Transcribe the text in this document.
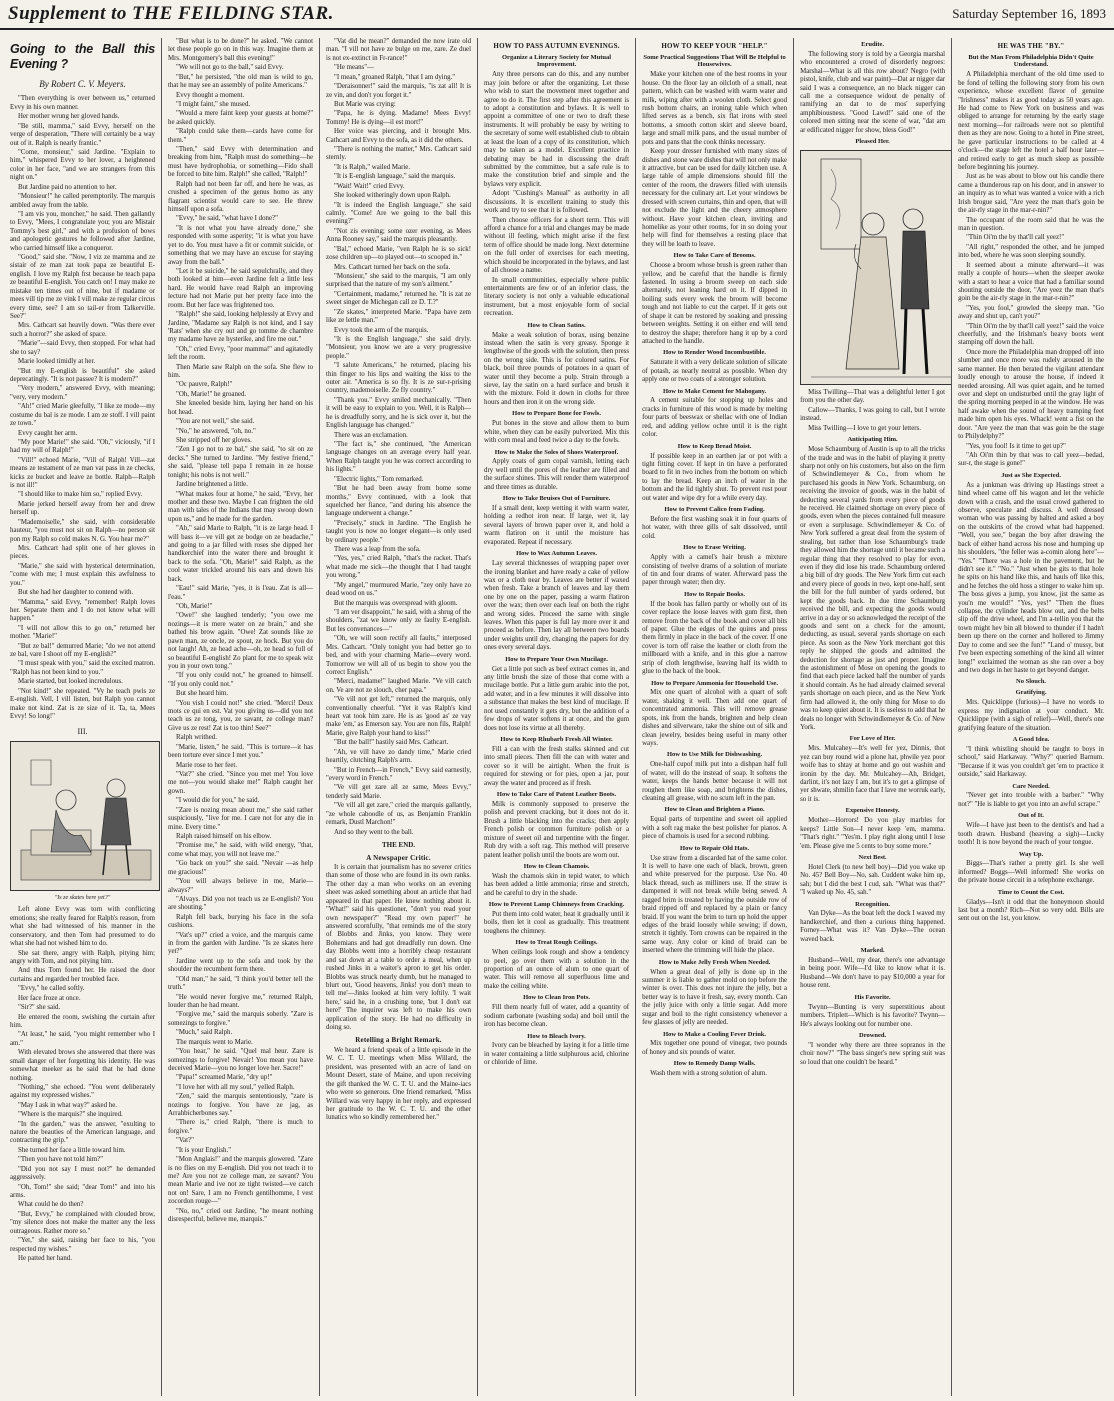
Supplement to THE FEILDING STAR.	Saturday September 16, 1893
Going to the Ball this Evening ?
By Robert C. V. Meyers.

"Then everything is over between us," returned Evvy in his own manner.

Her mother wrung her gloved hands.

"Be still, mamma," said Evvy, herself on the verge of desperation, "There will certainly be a way out of it. Ralph is nearly frantic."

"Come, monsieur," said Jardine. "Explain to him," whispered Evvy to her lover, a heightened color in her face, "and we are strangers from this night on."

But Jardine paid no attention to her.

"Monsieur!" he called peremptorily. The marquis ambled away from the table.

"I am vis you, moncher," he said. Then gallantly to Evvy, "Mees, I congratulate you; you are Mistair Tommy's best girl," and with a profusion of bows and apologetic gestures he followed after Jardine, who carried himself like a conqueror.

"Good," said she. "Now, I viz ze mamma and ze sistair of ze man zat took papa ze beautiful E-english. I love my Ralph frst because he teach papa ze beautiful E-english. You catch on! I may make ze mistake ten times out of nine, but if madame or mees vill tip me ze vink I vill make ze regular circus every time, see? I am so tail-er from Talkerville. See?"

Mrs. Cathcart sat heavily down. "Was there ever such a horror?" she asked of space.

"Marie"—said Evvy, then stopped. For what had she to say?

Marie looked timidly at her.

"But my E-english is beautiful" she asked deprecatingly. "It is not passee? It is modern?"

"Very modern," answered Evvy, with meaning; "very, very modern."

"Ah!" cried Marie gleefully, "I like ze mode—my costume du bal is ze mode. I am ze stoff. I vill paint ze town."

Evvy caught her arm.

"My poor Marie!" she said. "Oh," viciously, "if I had my will of Ralph!"

"Vill!" echoed Marie, "Vill of Ralph! Vill—zat means ze testament of ze man vat pass in ze checks, kicks ze bucket and leave ze bottle. Ralph—Ralph is not ill!"

"I should like to make him so," replied Evvy.

Marie jerked herself away from her and drew herself up.

"Mademoiselle," she said, with considerable hauteur, "you must not sit on Ralph—no person sit pon my Ralph so cold makes N. G. You hear me?"

Mrs. Cathcart had split one of her gloves in pieces.

"Marie," she said with hysterical determination, "come with me; I must explain this awfulness to you."

But she had her daughter to contend with.

"Mamma," said Evvy, "remember! Ralph loves her. Separate them and I do not know what will happen."

"I will not allow this to go on," returned her mother. "Marie!"

"But ze bal!" demurred Marie; "do we not attend ze bal, vare I shoot off my E-english?"

"I must speak with you," said the excited matron. "Ralph has not been kind to you."

Marie started, but looked incredulous.

"Not kind!" she repeated. "Vy he teach pwis ze E-english. Vell, I vill listen, but Ralph you cannot make not kind. Zat is ze size of it. Ta, ta, Mees Evvy! So long!"

III.
"Is ze skates here yet?"

Left alone Evvy was torn with conflicting emotions; she really feared for Ralph's reason, from what she had witnessed of his manner in the conservatory, and then Tom had presumed to do what she had not wished him to do.

She sat there, angry with Ralph, pitying him; angry with Tom, and not pitying him.

And thus Tom found her. He raised the door curtains and regarded her troubled face.

"Evvy," he called softly.

Her face froze at once.

"Sir?" she said.

He entered the room, swishing the curtain after him.

"At least," he said, "you might remember who I am."

With elevated brows she answered that there was small danger of her forgetting his identity. He was somewhat meeker as he said that he had done nothing.

"Nothing," she echoed. "You went deliberately against my expressed wishes."

"May I ask in what way?" asked he.

"Where is the marquis?" she inquired.

"In the garden," was the answer, "exulting to nature the beauties of the American language, and contracting the grip."

She turned her face a little toward him.

"Then you have not told him?"

"Did you not say I must not?" he demanded aggressively.

"Oh, Tom!" she said; "dear Tom!" and into his arms.

What could he do then?

"But, Evvy," he complained with clouded brow, "my silence does not make the matter any the less outrageous. Rather more so."

"Yet," she said, raising her face to his, "you respected my wishes."

He patted her hand.

"But what is to be done?" he asked. "We cannot let these people go on in this way. Imagine them at Mrs. Montgomery's ball this evening!"

"We will not go to the ball," said Evvy.

"But," he persisted, "the old man is wild to go, that he may see an assembly of polite Americans."

Evvy thought a moment.

"I might faint," she mused.

"Would a mere faint keep your guests at home?" he asked quickly.

"Ralph could take them—cards have come for them."

"Then," said Evvy with determination and breaking from him, "Ralph must do something—he must have hydrophobia, or something—Fido shall be forced to bite him. Ralph!" she called, "Ralph!"

Ralph had not been far off, and here he was, as crushed a specimen of the genus homo as any flagrant scientist would care to see. He threw himself upon a sofa.

"Evvy," he said, "what have I done?"

"It is not what you have already done," she responded with some asperity; "it is what you have yet to do. You must have a fit or commit suicide, or something that we may have an excuse for staying away from the ball."

"Let it be suicide," he said sepulchrally, and they both looked at him—even Jardine felt a little less hard. He would have read Ralph an improving lecture had not Marie put her pretty face into the room. But her face was frightened too.

"Ralph!" she said, looking helplessly at Evvy and Jardine, "Madame say Ralph is not kind, and I say 'Rats' when she cry out and go tomme de chambre my madame have ze hysterike, and fire me out."

"Oh," cried Evvy, "poor mamma!" and agitatedly left the room.

Then Marie saw Ralph on the sofa. She flew to him.

"Oc pauvre, Ralph!"

"Oh, Marie!" he groaned.

She kneeled beside him, laying her hand on his hot head.

"You are not well," she said.

"No," he answered, "oh, no."

She stripped off her gloves.

"Zen I go not to ze bal," she said, "to sit on ze decks." She turned to Jardine. "My festive friend," she said, "please tell papa I remain in ze house tonight; his nobs is not well."

Jardine brightened a little.

"What makes four at home," he said, "Evvy, her mother and these two. Maybe I can frighten the old man with tales of the Indians that may swoop down upon us," and he made for the garden.

"Ah," said Marie to Ralph, "it is ze large head. I will bass it—ve vill get ze bodge on ze headache," and going to a jar filled with roses she dipped her handkerchief into the water there and brought it back to the sofa. "Oh, Marie!" said Ralph, as the cool water trickled around his ears and down his back.

"Eau!" said Marie, "yes, it is l'eau. Zat is all—l'eau."

"Oh, Marie!"

"Owe!" she laughed tenderly; "you owe me nozings—it is mere water on ze brain," and she bathed his brow again. "Owe! Zat sounds like ze pawn man, ze oncle, ze spout, ze hock. But you do not laugh! Ah, ze head ache—oh, ze head so full of so beautiful E-english! Zo plant for me to speak wiz you in your own tong."

"If you only could not," he groaned to himself. "If you only could not."

But she heard him.

"You vish I could not!" she cried. "Merci! Deux mots ce qui en est. Vat you giving us—did you not teach us ze tong, you, ze savant, ze college man? Give us ze rest! Zat is too thin! See?"

Ralph writhed.

"Marie, listen," he said. "This is torture—it has been torture ever since I met you."

Marie rose to her feet.

"Vat?" she cried. "Since you met me! You love me not—you would shake me!" Ralph caught her gown.

"I would die for you," he said.

"Zare is nozing mean about me," she said rather suspiciously, "live for me. I care not for any die in mine. Every time."

Ralph raised himself on his elbow.

"Promise me," he said, with wild energy, "that, come what may, you will not leave me."

"Go back on you?" she said. "Nevair —as help me gracious!"

"You will always believe in me, Marie—always?"

"Alvays. Did you not teach us ze E-english? You are shouting."

Ralph fell back, burying his face in the sofa cushions.

"Vat's up?" cried a voice, and the marquis came in from the garden with Jardine. "Is ze skates here yet?"

Jardine went up to the sofa and took by the shoulder the recumbent form there.

"Old man," he said, "I think you'd better tell the truth."

"He would never forgive me," returned Ralph, louder than he had meant.

"Forgive me," said the marquis soberly. "Zare is somezings to forgive."

"Much," said Ralph.

The marquis went to Marie.

"You hear," he said. "Quel mal heur. Zare is somezings to forgive! Nevair! You mean you have deceived Marie—you no longer love her. Sacre!"

"Papa!" screamed Marie, "dry up!"

"I love her with all my soul," yelled Ralph.

"Zen," said the marquis sententiously, "zare is nozings to forgive. You have ze jag, as Arrahbicherbones say."

"There is," cried Ralph, "there is much to forgive."

"Vat?"

"It is your English."

"Mon Anglais!" and the marquis glowered. "Zare is no flies on my E-english. Did you not teach it to me? Are you not ze college man, ze savant? You mean Marie and ive not ze tight twisted—ve catch not on! Sare, I am no French gentilhomme, I vest zocordon rouge—"

"No, no," cried out Jardine, "he meant nothing disrespectful, believe me, marquis."

"Vat did he mean?" demanded the now irate old man. "I vill not have ze bulge on me, zare. Ze duel is not ex-extinct in Fr-rance!"

"He means"—

"I mean," groaned Ralph, "that I am dying."

"Deraisonner!" said the marquis, "is zat all! It is ze vin, and don't you forget it."

But Marie was crying:

"Papa, he is dying. Madame! Mees Evvy! Tommy! He is dying—il est mort!"

Her voice was piercing, and it brought Mrs. Cathcart and Evvy to the sofa, as it did the others.

"There is nothing the matter," Mrs. Cathcart said sternly.

"It is Ralph," wailed Marie.

"It is E-english language," said the marquis.

"Wait! Wait!" cried Evvy.

She looked witheringly down upon Ralph.

"It is indeed the English language," she said calmly. "Come! Are we going to the ball this evening?"

"Not zis evening; some ozer evening, as Mees Anna Rooney say," said the marquis pleasantly.

"Bal," echoed Marie, "ven Ralph he is so sick! zose children up—to played out—to scooped in."

Mrs. Cathcart turned her back on the sofa.

"Monsieur," she said to the marquis, "I am only surprised that the nature of my son's ailment."

"Certainment, madame," returned he. "It is zat ze sweet singer de Michegan call ze D. T.?"

"Ze skates," interpreted Marie. "Papa have zem like ze lettle man."

Evvy took the arm of the marquis.

"It is the English language," she said dryly. "Monsieur, you know we are a very progressive people."

"I salute Americans," he returned, placing his thin finger to his lips and waiting the kiss to the outer air. "America is so fly. It is ze sur-r-prising country, mademoiselle. Ze fly country."

"Thank you." Evvy smiled mechanically. "Then it will be easy to explain to you. Well, it is Ralph—he is dreadfully sorry, and he is sick over it, but the English language has changed."

There was an exclamation.

"The fact is," she continued, "the American language changes on an average every half year. When Ralph taught you he was correct according to his lights."

"Electric lights," Tom remarked.

"But he had been away from home some months," Evvy continued, with a look that squelched her fiance, "and during his absence the language underwent a change."

"Precisely," stuck in Jardine. "The English he taught you is now no longer elegant—is only used by ordinary people."

There was a leap from the sofa.

"Yes, yes," cried Ralph, "that's the racket. That's what made me sick—the thought that I had taught you wrong."

"My angel," murmured Marie, "zey only have zo dead wood on us."

But the marquis was overspread with gloom.

"I am ver disappoint," he said, with a shrug of the shoulders, "zat we know only ze faulty E-english. But les convenances—"

"Oh, we will soon rectify all faults," interposed Mrs. Cathcart. "Only tonight you had better go to bed, and with your charming Marie—every word. Tomorrow we will all of us begin to show you the correct English."

"Merci, madame!" laughed Marie. "Ve vill catch on. Ve are not ze slouch, cher papa."

"Ve vill not get left," returned the marquis, only conventionally cheerful. "Yet it vas Ralph's kind heart vat took him zare. He is as 'good as' ze vay make 'em,' as Emerson say. You are non fils, Ralph! Marie, give Ralph your hand to kiss!"

"But the ball!" hastily said Mrs. Cathcart.

"Ah, ve vill have zo dandy time," Marie cried heartily, clutching Ralph's arm.

"But in French—in French," Evvy said earnestly, "every word in French."

"Ve vill get zare all ze same, Mees Evvy," tenderly said Marie.

"Ve vill all get zare," cried the marquis gallantly, "ze whole caboodle of us, as Benjamin Franklin remark, Dustl Marchon!"

And so they went to the ball.

THE END.
A Newspaper Critic.

It is certain that journalism has no severer critics than some of those who are found in its own ranks. The other day a man who works on an evening sheet was asked something about an article that had appeared in that paper. He knew nothing about it. "What!" said his questioner, "don't you read your own newspaper?" "Read my own paper!" he answered scornfully, "that reminds me of the story of Blobbs and Jinks, you know. They were Bohemians and had got dreadfully run down. One day Blobbs went into a horribly cheap restaurant and sat down at a table to order a meal, when up rushed Jinks in a waiter's apron to get his order. Blobbs was struck nearly dumb, but he managed to blurt out, 'Good heavens, Jinks! you don't mean to tell me'—Jinks looked at him very loftily. 'I wait here,' said he, in a crushing tone, 'but I don't eat here!' The inquirer was left to make his own application of the story. He had no difficulty in doing so.

Retelling a Bright Remark.

We heard a friend speak of a little episode in the W. C. T. U. meetings when Miss Willard, the president, was presented with an acre of land on Mount Desert, state of Maine, and upon receiving the gift thanked the W. C. T. U. and the Maine-iacs who were so generous. One friend remarked, "Miss Willard was very happy in her reply, and expressed her gratitude to the W. C. T. U. and the other lunatics who so kindly remembered her."

HOW TO PASS AUTUMN EVENINGS.
Organize a Literary Society for Mutual Improvement.

Any three persons can do this, and any number may join before or after the organizing. Let those who wish to start the movement meet together and agree to do it. The first step after this agreement is to adopt a constitution and bylaws. It is well to appoint a committee of one or two to draft these instruments. It will probably be easy by writing to the secretary of some well established club to obtain at least the loan of a copy of its constitution, which may be taken as a model. Excellent practice in debating may be had in discussing the draft submitted by the committee, but a safe rule is to make the constitution brief and simple and the bylaws very explicit.

Adopt "Cushing's Manual" as authority in all discussions. It is excellent training to study this work and try to see that it is followed.

Then choose officers for a short term. This will afford a chance for a trial and changes may be made without ill feeling, which might arise if the first term of office should be made long. Next determine on the full order of exercises for each meeting, which should be incorporated in the bylaws, and last of all choose a name.

In small communities, especially where public entertainments are few or of an inferior class, the literary society is not only a valuable educational instrument, but a most enjoyable form of social recreation.

How to Clean Satins.

Make a weak solution of borax, using benzine instead when the satin is very greasy. Sponge it lengthwise of the goods with the solution, then press on the wrong side. This is for colored satins. For black, boil three pounds of potatoes in a quart of water until they become a pulp. Strain through a sieve, lay the satin on a hard surface and brush it with the mixture. Fold it down in cloths for three hours and then iron it on the wrong side.

How to Prepare Bone for Fowls.

Put bones in the stove and allow them to burn white, when they can be easily pulverized. Mix this with corn meal and feed twice a day to the fowls.

How to Make the Soles of Shoes Waterproof.

Apply coats of gum copal varnish, letting each dry well until the pores of the leather are filled and the surface shines. This will render them waterproof and three times as durable.

How to Take Bruises Out of Furniture.

If a small dent, keep wetting it with warm water, holding a redhot iron near. If large, wet it, lay several layers of brown paper over it, and hold a warm flatiron on it until the moisture has evaporated. Repeat if necessary.

How to Wax Autumn Leaves.

Lay several thicknesses of wrapping paper over the ironing blanket and have ready a cake of yellow wax or a cloth near by. Leaves are better if waxed when fresh. Take a branch of leaves and lay them one by one on the paper, passing a warm flatiron over the wax; then over each leaf on both the right and wrong sides. Proceed the same with single leaves. When this paper is full lay more over it and proceed as before. Then lay all between two boards under weights until dry, changing the papers for dry ones every several days.

How to Prepare Your Own Mucilage.

Get a little pot such as beef extract comes in, and any little brush the size of those that come with a mucilage bottle. Put a little gum arabic into the pot, add water, and in a few minutes it will dissolve into a substance that makes the best kind of mucilage. If not used constantly it gets dry, but the addition of a few drops of water softens it at once, and the gum does not lose its virtue at all thereby.

How to Keep Rhubarb Fresh All Winter.

Fill a can with the fresh stalks skinned and cut into small pieces. Then fill the can with water and cover so it will be airtight. When the fruit is required for stewing or for pies, open a jar, pour away the water and proceed as if fresh.

How to Take Care of Patent Leather Boots.

Milk is commonly supposed to preserve the polish and prevent cracking, but it does not do it. Brush a little blacking into the cracks; then apply French polish or common furniture polish or a mixture of sweet oil and turpentine with the finger. Rub dry with a soft rag. This method will preserve patent leather polish until the boots are worn out.

How to Clean Chamois.

Wash the chamois skin in tepid water, to which has been added a little ammonia; rinse and stretch, and be careful to dry in the shade.

How to Prevent Lamp Chimneys from Cracking.

Put them into cold water, heat it gradually until it boils, then let it cool as gradually. This treatment toughens the chimney.

How to Treat Rough Ceilings.

When ceilings look rough and show a tendency to peel, go over them with a solution in the proportion of an ounce of alum to one quart of water. This will remove all superfluous lime and make the ceiling white.

How to Clean Iron Pots.

Fill them nearly full of water, add a quantity of sodium carbonate (washing soda) and boil until the iron has become clean.

How to Bleach Ivory.

Ivory can be bleached by laying it for a little time in water containing a little sulphurous acid, chlorine or chloride of lime.

HOW TO KEEP YOUR "HELP."
Some Practical Suggestions That Will Be Helpful to Housewives.

Make your kitchen one of the best rooms in your house. On the floor lay an oilcloth of a small, neat pattern, which can be washed with warm water and milk, wiping after with a woolen cloth. Select good rush bottom chairs, an ironing table which when lifted serves as a bench, six flat irons with steel bottoms, a smooth cotton skirt and sleeve board, large and small milk pans, and the usual number of pots and pans that the cook thinks necessary.

Keep your dresser furnished with many sizes of dishes and stone ware dishes that will not only make it attractive, but can be used for daily kitchen use. A large table of ample dimensions should fill the center of the room, the drawers filled with utensils necessary for the culinary art. Let your windows be dressed with screen curtains, thin and open, that will not exclude the light and the cheery atmosphere without. Have your kitchen clean, inviting and homelike as your other rooms, for in so doing your help will find for themselves a resting place that they will be loath to leave.

How to Take Care of Brooms.

Choose a broom whose brush is green rather than yellow, and be careful that the handle is firmly fastened. In using a broom sweep on each side alternately, not leaning hard on it. If dipped in boiling suds every week the broom will become tough and not liable to cut the carpet. If it gets out of shape it can be restored by soaking and pressing between weights. Setting it on either end will tend to destroy the shape; therefore hang it up by a cord attached to the handle.

How to Render Wood Incombustible.

Saturate it with a very delicate solution of silicate of potash, as nearly neutral as possible. When dry apply one or two coats of a stronger solution.

How to Make Cement for Mahogany.

A cement suitable for stopping up holes and cracks in furniture of this wood is made by melting four parts of beeswax or shellac with one of Indian red, and adding yellow ochre until it is the right color.

How to Keep Bread Moist.

If possible keep in an earthen jar or pot with a tight fitting cover. If kept in tin have a perforated board to fit in two inches from the bottom on which to lay the bread. Keep an inch of water in the bottom and the lid tightly shut. To prevent rust pour out water and wipe dry for a while every day.

How to Prevent Calico from Fading.

Before the first washing soak it in four quarts of hot water, with three gills of salt dissolved, until cold.

How to Erase Writing.

Apply with a camel's hair brush a mixture consisting of twelve drams of a solution of muriate of tin and four drams of water. Afterward pass the paper through water; then dry.

How to Repair Books.

If the book has fallen partly or wholly out of its cover replace the loose leaves with gum first, then remove from the back of the book and cover all bits of paper. Glue the edges of the quires and press them firmly in place in the back of the cover. If one cover is torn off raise the leather or cloth from the millboard with a knife, and in this glue a narrow strip of cloth lengthwise, leaving half its width to glue to the back of the book.

How to Prepare Ammonia for Household Use.

Mix one quart of alcohol with a quart of soft water, shaking it well. Then add one quart of concentrated ammonia. This will remove grease spots, ink from the hands, brighten and help clean dishes and silverware, take the shine out of silk and clean jewelry, besides being useful in many other ways.

How to Use Milk for Dishwashing.

One-half cupof milk put into a dishpan half full of water, will do the instead of soap. It softens the water, keeps the hands better because it will not roughen them like soap, and brightens the dishes, cleaning all grease, with no scum left in the pan.

How to Clean and Brighten a Piano.

Equal parts of turpentine and sweet oil applied with a soft rag make the best polisher for pianos. A piece of chamois is used for a second rubbing.

How to Repair Old Hats.

Use straw from a discarded hat of the same color. It is well to have one each of black, brown, green and white preserved for the purpose. Use No. 40 black thread, such as milliners use. If the straw is dampened it will not break while being sewed. A ragged brim is treated by having the outside row of braid ripped off and replaced by a plain or fancy braid. If you want the brim to turn up hold the upper edges of the braid loosely while sewing; if down, stretch it tightly. Torn crowns can be repaired in the same way. Any color or kind of braid can be inserted where the trimming will hide the place.

How to Make Jelly Fresh When Needed.

When a great deal of jelly is done up in the summer it is liable to gather mold on top before the winter is over. This does not injure the jelly, but a better way is to have it fresh, say, every month. Can the jelly juice with only a little sugar. Add more sugar and boil to the right consistency whenever a few glasses of jelly are needed.

How to Make a Cooling Fever Drink.

Mix together one pound of vinegar, two pounds of honey and six pounds of water.

How to Remedy Damp Walls.

Wash them with a strong solution of alum.

Erudite.

The following story is told by a Georgia marshal who encountered a crowd of disorderly negroes: Marshal—What is all this row about? Negro (with pistol, knife, club and war paint)—Dat ar nigger dar said I was a consequence, an no black nigger can call me a consequence widout de penalty of ramifying an dat to de mos' superfying amphibiousness. "Good Lawd!" said one of the colored men sitting near the scene of war, "dat am ar edificated nigger for show, bless God!"

Pleased Her.

Miss Twilling—That was a delightful letter I got from you the other day.

Callow—Thanks, I was going to call, but I wrote instead.

Miss Twilling—I love to get your letters.

Anticipating Him.

Mose Schaumburg of Austin is up to all the tricks of the trade and was in the habit of playing it pretty sharp not only on his customers, but also on the firm of Schwindlemeyer & Co., from whom he purchased his goods in New York. Schaumburg, on receiving the invoice of goods, was in the habit of deducting several yards from every piece of goods he received. He claimed shortage on every piece of goods, even when the pieces contained full measure or even a surplusage. Schwindlemeyer & Co. of New York suffered a great deal from the system of stealing, but rather than lose Schaumburg's trade they allowed him the shortage until it became such a regular thing that they resolved to play for even, even if they did lose his trade. Schaumburg ordered a big bill of dry goods. The New York firm cut each and every piece of goods in two, kept one-half, sent the bill for the full number of yards ordered, but kept the goods back. In due time Schaumburg received the bill, and expecting the goods would arrive in a day or so acknowledged the receipt of the goods and sent on a check for the amount, deducting, as usual, several yards shortage on each piece. As soon as the New York merchant got this reply he shipped the goods and admitted the deduction for shortage as just and proper. Imagine the astonishment of Mose on opening the goods to find that each piece lacked half the number of yards it should contain. As he had already claimed several yards shortage on each piece, and as the New York firm had allowed it, the only thing for Mose to do was to keep quiet about it. It is useless to add that he deals no longer with Schwindlemeyer & Co. of New York.

For Love of Her.

Mrs. Mulcahey—It's well fer yez, Dinnis, thot yez can buy round wid a plone hat, phwile yez poor woife has to shtay at home and go out washin and ironin by the day. Mr. Mulcahey—Ah, Bridget, darlint, it's not lazy I am, but it's to get a glimpse of yer shwate, shmilin face that I lave me worruk early, so it is.

Expensive Honesty.

Mother—Horrors! Do you play marbles for keeps? Little Son—I never keep 'em, mamma. "That's right." "Yes'm. I play right along until I lose 'em. Please give me 5 cents to buy some more."

Next Best.

Hotel Clerk (to new bell boy)—Did you wake up No. 45? Bell Boy—No, sah. Cuddent wake him up, sah; but I did the best I cud, sah. "What was that?" "I waked up No. 45, sah."

Recognition.

Van Dyke—As the boat left the dock I waved my handkerchief, and then a curious thing happened. Forney—What was it? Van Dyke—The ocean waved back.

Marked.

Husband—Well, my dear, there's one advantage in being poor. Wife—I'd like to know what it is. Husband—We don't have to pay $10,000 a year for house rent.

His Favorite.

Twynn—Bunting is very superstitious about numbers. Triplett—Which is his favorite? Twynn—He's always looking out for number one.

Drowned.

"I wonder why there are three sopranos in the choir now?" "The bass singer's new spring suit was so loud that one couldn't be heard."

HE WAS THE "BY."
But the Man From Philadelphia Didn't Quite Understand.

A Philadelphia merchant of the old time used to be fond of telling the following story from his own experience, whose excellent flavor of genuine "Irishness" makes it as good today as 50 years ago. He had come to New York on business and was obliged to arrange for returning by the early stage next morning—for railroads were not so plentiful then as they are now. Going to a hotel in Pine street, he gave particular instructions to be called at 4 o'clock—the stage left the hotel a half hour later—and retired early to get as much sleep as possible before beginning his journey.

Just as he was about to blow out his candle there came a thunderous rap on his door, and in answer to an inquiry as to what was wanted a voice with a rich Irish brogue said, "Are yeez the man that's goin be the air-rly stage in the mar-r-nin?"

The occupant of the room said that he was the man in question.

"Thin Oi'm the by that'll call yeez!"

"All right," responded the other, and he jumped into bed, where he was soon sleeping soundly.

It seemed about a minute afterward—it was really a couple of hours—when the sleeper awoke with a start to hear a voice that had a familiar sound shouting outside the door, "Are yeez the man that's goin be the air-rly stage in the mar-r-nin?"

"Yes, you fool," growled the sleepy man. "Go away and shut up, can't you?"

"Thin Oi'm the by that'll call yeez!" said the voice cheerfully, and the Irishman's heavy boots went stamping off down the hall.

Once more the Philadelphia man dropped off into slumber and once more was rudely aroused in the same manner. He then berated the vigilant attendant loudly enough to arouse the house, if indeed it needed arousing. All was quiet again, and he turned over and slept on undisturbed until the gray light of the spring morning peeped in at the window. He was half awake when the sound of heavy tramping feet made him open his eyes. Whack! went a fist on the door. "Are yeez the man that was goin be the stage to Philydelphy?"

"Yes, you fool! Is it time to get up?"

"Ah Oi'm thin by that was to call yeez—bedad, sur-r, the stage is gone!"

Just as She Expected.

As a junkman was driving up Hastings street a hind wheel came off his wagon and let the vehicle down with a crash, and the usual crowd gathered to observe, speculate and discuss. A well dressed woman who was passing by halted and asked a boy on the outskirts of the crowd what had happened. "Well, you see," began the boy after drawing the back of either hand across his nose and humping up his shoulders, "the feller was a-comin along here"— "Yes." "There was a hole in the pavement, but he didn't see it." "No." "Just when he gits to that hole he spits on his hand like this, and hauls off like this, and he fetches the old hoss a stinger to wake him up. The boss gives a jump, you know, jist the same as you'n me would!" "Yes, yes!" "Then the flues collapse, the cylinder heads blow out, and the belts slip off the drive wheel, and I'm a-tellin you that the town might hev bin all blowed to thunder if I hadn't been up there on the corner and hollered to Jimmy Day to come and see the fun!" "Land o' mussy, but I've been expecting something of the kind all winter long!" exclaimed the woman as she ran over a boy and two dogs in her haste to get beyond danger.

No Slouch.
Gratifying.

Mrs. Quicklippe (furious)—I have no words to express my indignation at your conduct. Mr. Quicklippe (with a sigh of relief)—Well, there's one gratifying feature of the situation.

A Good Idea.

"I think whistling should be taught to boys in school," said Harkaway. "Why?" queried Barnum. "Because if it was you couldn't get 'em to practice it outside," said Harkaway.

Care Needed.

"Never get into trouble with a barber." "Why not?" "He is liable to get you into an awful scrape."

Out of It.

Wife—I have just been to the dentist's and had a tooth drawn. Husband (heaving a sigh)—Lucky tooth! It is now beyond the reach of your tongue.

Way Up.

Biggs—That's rather a pretty girl. Is she well informed? Boggs—Well informed! She works on the private house circuit in a telephone exchange.

Time to Count the Cost.

Gladys—Isn't it odd that the honeymoon should last but a month? Rich—Not so very odd. Bills are sent out on the 1st, you know.
